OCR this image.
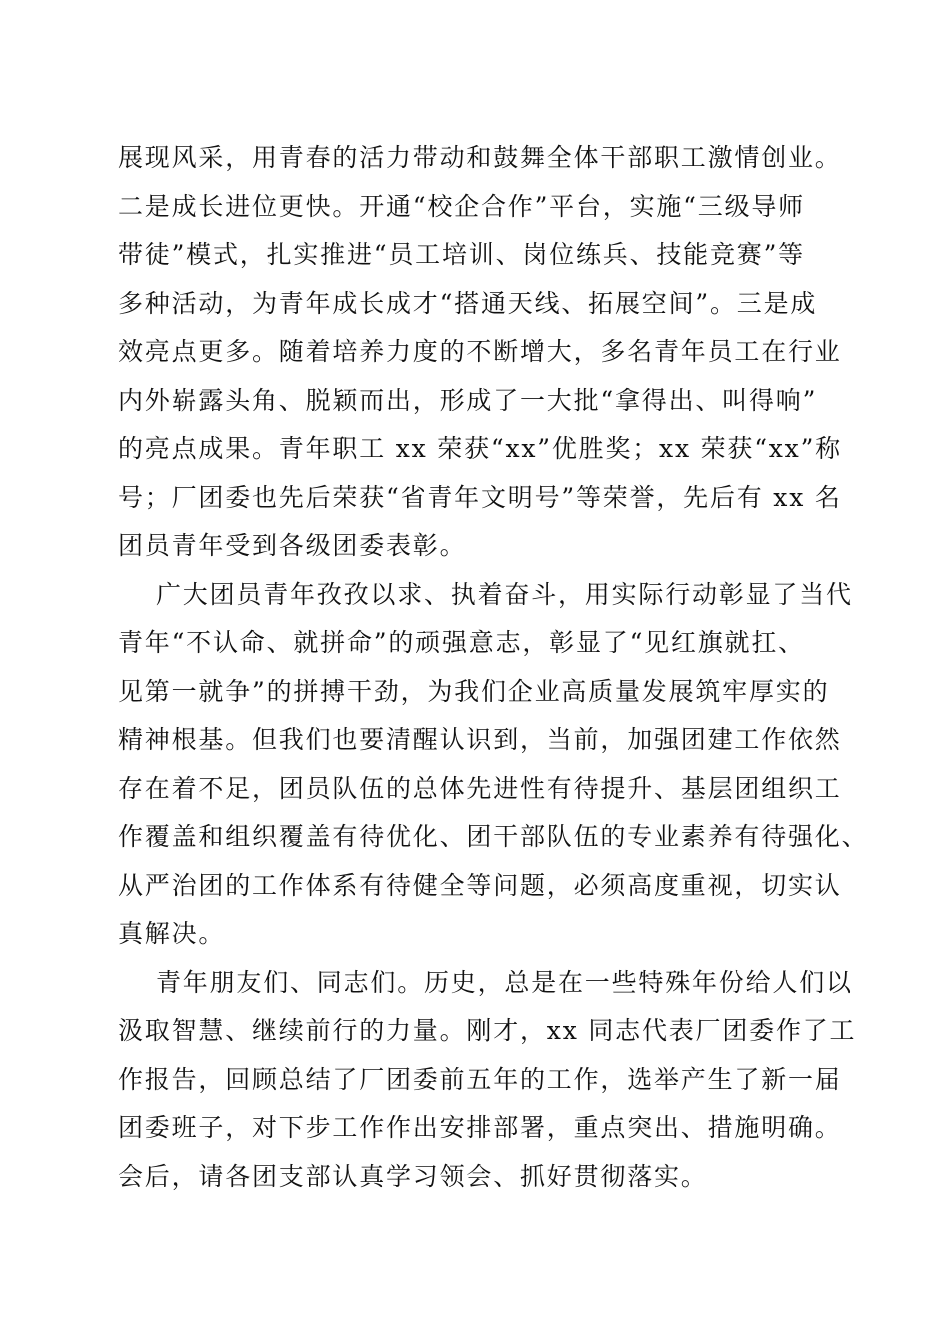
展现风采，用青春的活力带动和鼓舞全体干部职工激情创业。
二是成长进位更快。开通“校企合作”平台，实施“三级导师
带徒”模式，扎实推进“员工培训、岗位练兵、技能竞赛”等
多种活动，为青年成长成才“搭通天线、拓展空间”。三是成
效亮点更多。随着培养力度的不断增大，多名青年员工在行业
内外崭露头角、脱颖而出，形成了一大批“拿得出、叫得响”
的亮点成果。青年职工 xx 荣获“xx”优胜奖；xx 荣获“xx”称
号；厂团委也先后荣获“省青年文明号”等荣誉，先后有 xx 名
团员青年受到各级团委表彰。
广大团员青年孜孜以求、执着奋斗，用实际行动彰显了当代
青年“不认命、就拼命”的顽强意志，彰显了“见红旗就扛、
见第一就争”的拼搏干劲，为我们企业高质量发展筑牢厚实的
精神根基。但我们也要清醒认识到，当前，加强团建工作依然
存在着不足，团员队伍的总体先进性有待提升、基层团组织工
作覆盖和组织覆盖有待优化、团干部队伍的专业素养有待强化、
从严治团的工作体系有待健全等问题，必须高度重视，切实认
真解决。
青年朋友们、同志们。历史，总是在一些特殊年份给人们以
汲取智慧、继续前行的力量。刚才，xx 同志代表厂团委作了工
作报告，回顾总结了厂团委前五年的工作，选举产生了新一届
团委班子，对下步工作作出安排部署，重点突出、措施明确。
会后，请各团支部认真学习领会、抓好贯彻落实。
